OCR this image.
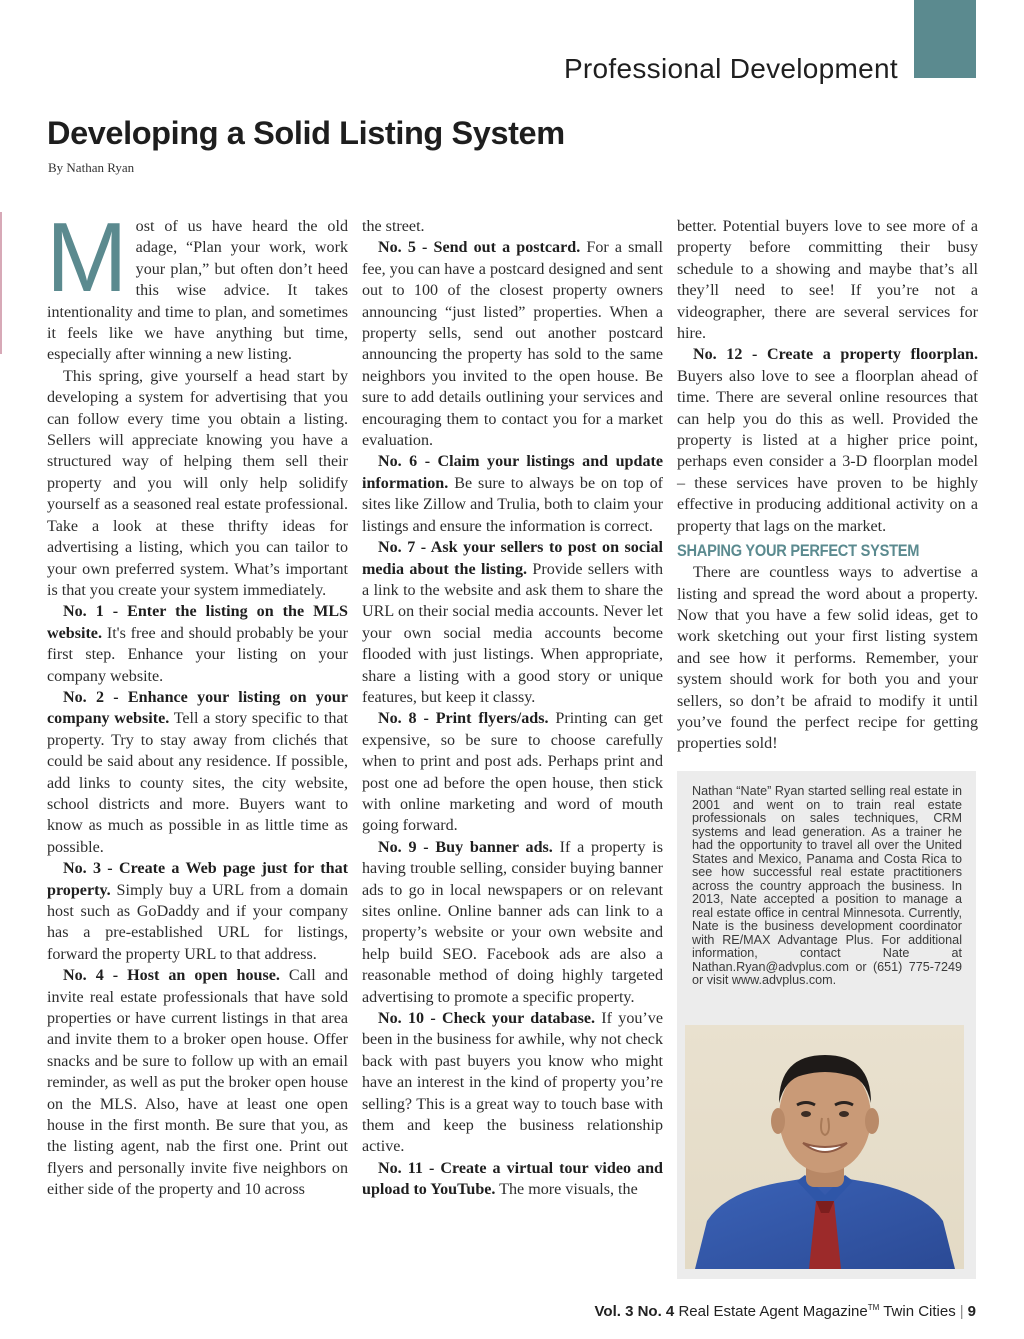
Professional Development
Developing a Solid Listing System
By Nathan Ryan

Most of us have heard the old adage, “Plan your work, work your plan,” but often don’t heed this wise advice. It takes intentionality and time to plan, and sometimes it feels like we have anything but time, especially after winning a new listing.

This spring, give yourself a head start by developing a system for advertising that you can follow every time you obtain a listing. Sellers will appreciate knowing you have a structured way of helping them sell their property and you will only help solidify yourself as a seasoned real estate professional. Take a look at these thrifty ideas for advertising a listing, which you can tailor to your own preferred system. What’s important is that you create your system immediately.

No. 1 - Enter the listing on the MLS website. It's free and should probably be your first step. Enhance your listing on your company website.

No. 2 - Enhance your listing on your company website. Tell a story specific to that property. Try to stay away from clichés that could be said about any residence. If possible, add links to county sites, the city website, school districts and more. Buyers want to know as much as possible in as little time as possible.

No. 3 - Create a Web page just for that property. Simply buy a URL from a domain host such as GoDaddy and if your company has a pre-established URL for listings, forward the property URL to that address.

No. 4 - Host an open house. Call and invite real estate professionals that have sold properties or have current listings in that area and invite them to a broker open house. Offer snacks and be sure to follow up with an email reminder, as well as put the broker open house on the MLS. Also, have at least one open house in the first month. Be sure that you, as the listing agent, nab the first one. Print out flyers and personally invite five neighbors on either side of the property and 10 across

the street.

No. 5 - Send out a postcard. For a small fee, you can have a postcard designed and sent out to 100 of the closest property owners announcing “just listed” properties. When a property sells, send out another postcard announcing the property has sold to the same neighbors you invited to the open house. Be sure to add details outlining your services and encouraging them to contact you for a market evaluation.

No. 6 - Claim your listings and update information. Be sure to always be on top of sites like Zillow and Trulia, both to claim your listings and ensure the information is correct.

No. 7 - Ask your sellers to post on social media about the listing. Provide sellers with a link to the website and ask them to share the URL on their social media accounts. Never let your own social media accounts become flooded with just listings. When appropriate, share a listing with a good story or unique features, but keep it classy.

No. 8 - Print flyers/ads. Printing can get expensive, so be sure to choose carefully when to print and post ads. Perhaps print and post one ad before the open house, then stick with online marketing and word of mouth going forward.

No. 9 - Buy banner ads. If a property is having trouble selling, consider buying banner ads to go in local newspapers or on relevant sites online. Online banner ads can link to a property’s website or your own website and help build SEO. Facebook ads are also a reasonable method of doing highly targeted advertising to promote a specific property.

No. 10 - Check your database. If you’ve been in the business for awhile, why not check back with past buyers you know who might have an interest in the kind of property you’re selling? This is a great way to touch base with them and keep the business relationship active.

No. 11 - Create a virtual tour video and upload to YouTube. The more visuals, the

better. Potential buyers love to see more of a property before committing their busy schedule to a showing and maybe that’s all they’ll need to see! If you’re not a videographer, there are several services for hire.

No. 12 - Create a property floorplan. Buyers also love to see a floorplan ahead of time. There are several online resources that can help you do this as well. Provided the property is listed at a higher price point, perhaps even consider a 3-D floorplan model – these services have proven to be highly effective in producing additional activity on a property that lags on the market.

SHAPING YOUR PERFECT SYSTEM

There are countless ways to advertise a listing and spread the word about a property. Now that you have a few solid ideas, get to work sketching out your first listing system and see how it performs. Remember, your system should work for both you and your sellers, so don’t be afraid to modify it until you’ve found the perfect recipe for getting properties sold!

Nathan “Nate” Ryan started selling real estate in 2001 and went on to train real estate professionals on sales techniques, CRM systems and lead generation. As a trainer he had the opportunity to travel all over the United States and Mexico, Panama and Costa Rica to see how successful real estate practitioners across the country approach the business. In 2013, Nate accepted a position to manage a real estate office in central Minnesota. Currently, Nate is the business development coordinator with RE/MAX Advantage Plus. For additional information, contact Nate at Nathan.Ryan@advplus.com or (651) 775-7249 or visit www.advplus.com.
Vol. 3 No. 4 Real Estate Agent Magazine™ Twin Cities | 9
